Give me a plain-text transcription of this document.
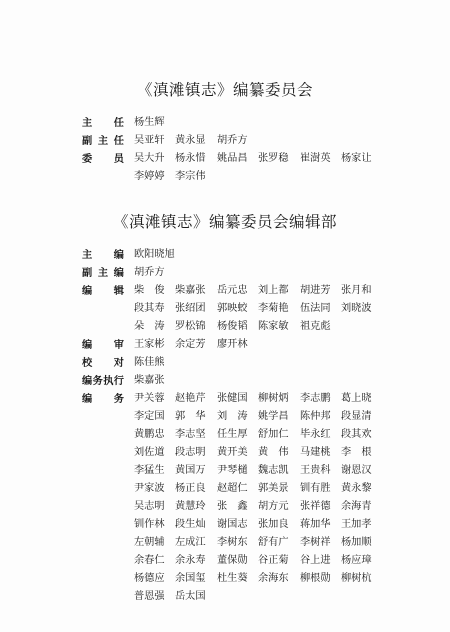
《滇滩镇志》编纂委员会
主　任 杨生辉
副主任 吴亚轩 黄永显 胡乔方
委　员 吴大升 杨永惜 姚品昌 张罗稳 崔澍英 杨家让
李婷婷 李宗伟
《滇滩镇志》编纂委员会编辑部
主　编 欧阳晓旭
副主编 胡乔方
编　辑 柴　俊 柴嘉张 岳元忠 刘上都 胡进芳 张月和
段其寿 张绍团 郭映蛟 李菊艳 伍法同 刘晓波
朵　涛 罗松锦 杨俊韬 陈家敏 祖克彪
编　审 王家彬 余定芳 廖开林
校　对 陈佳熊
编务执行 柴嘉张
编　务 尹关蓉 赵艳芹 张健国 柳树炳 李志鹏 葛上晓
李定国 郭　华 刘　涛 姚学昌 陈仲邦 段显清
黄鹏忠 李志坚 任生厚 舒加仁 毕永红 段其欢
刘佐道 段志明 黄开美 黄　伟 马建桃 李　根
李猛生 黄国万 尹琴檤 魏志凯 王贵科 谢恩汉
尹家波 杨正良 赵超仁 郭美景 钏有胜 黄永黎
吴志明 黄慧玲 张　鑫 胡方元 张祥德 余海青
钏作林 段生灿 谢国志 张加良 蒋加华 王加孝
左朝辅 左成江 李树东 舒有广 李树祥 杨加顺
余春仁 余永寿 董保勋 谷正菊 谷上进 杨应璋
杨德应 余国玺 杜生葵 余海东 柳根勋 柳树杭
普恩强 岳太国
